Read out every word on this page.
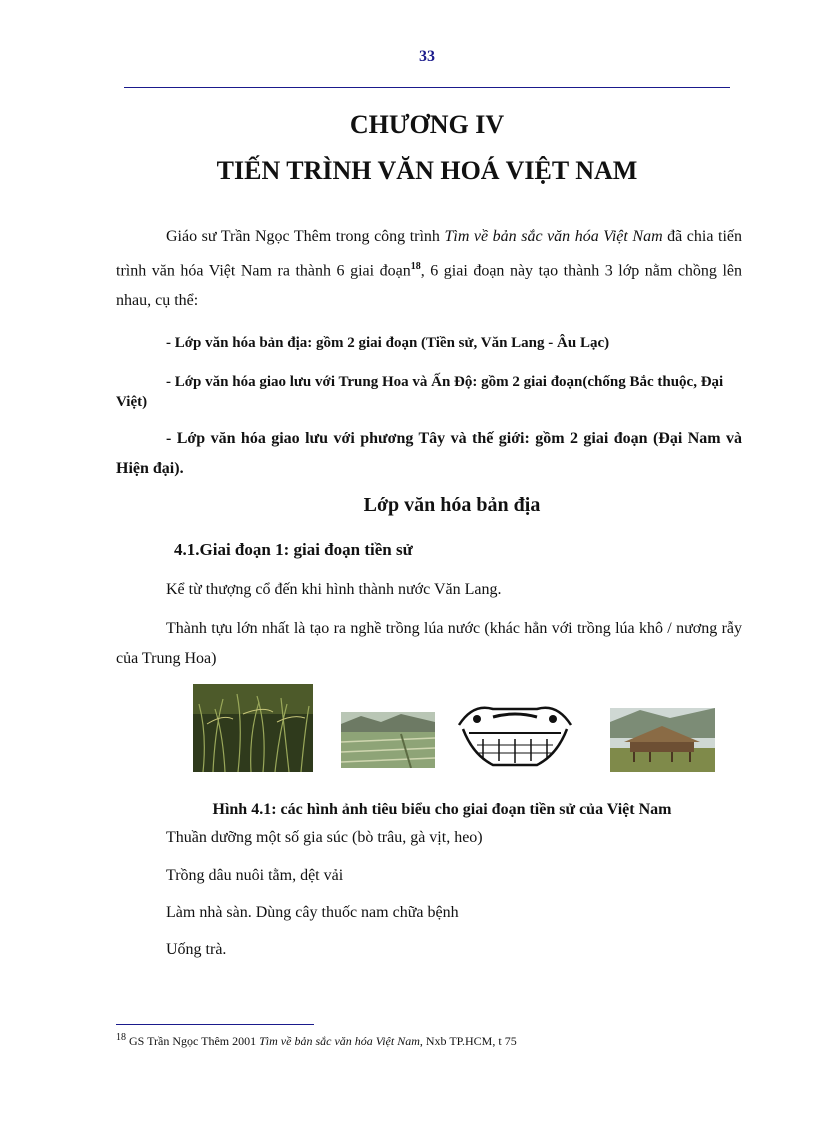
33
CHƯƠNG IV
TIẾN TRÌNH VĂN HOÁ VIỆT NAM
Giáo sư Trần Ngọc Thêm trong công trình Tìm về bản sắc văn hóa Việt Nam đã chia tiến trình văn hóa Việt Nam ra thành 6 giai đoạn$^{18}$, 6 giai đoạn này tạo thành 3 lớp nằm chồng lên nhau, cụ thể:
- Lớp văn hóa bản địa: gồm 2 giai đoạn (Tiền sử, Văn Lang - Âu Lạc)
- Lớp văn hóa giao lưu với Trung Hoa và Ấn Độ: gồm 2 giai đoạn(chống Bắc thuộc, Đại Việt)
- Lớp văn hóa giao lưu với phương Tây và thế giới: gồm 2 giai đoạn (Đại Nam và Hiện đại).
Lớp văn hóa bản địa
4.1.Giai đoạn 1: giai đoạn tiền sử
Kể từ thượng cổ đến khi hình thành nước Văn Lang.
Thành tựu lớn nhất là tạo ra nghề trồng lúa nước (khác hẳn với trồng lúa khô / nương rẫy của Trung Hoa)
Hình 4.1: các hình ảnh tiêu biểu cho giai đoạn tiền sử của Việt Nam
Thuần dưỡng một số gia súc (bò trâu, gà vịt, heo)
Trồng dâu nuôi tằm, dệt vải
Làm nhà sàn. Dùng cây thuốc nam chữa bệnh
Uống trà.
$^{18}$ GS Trần Ngọc Thêm 2001 Tìm về bản sắc văn hóa Việt Nam, Nxb TP.HCM, t 75
